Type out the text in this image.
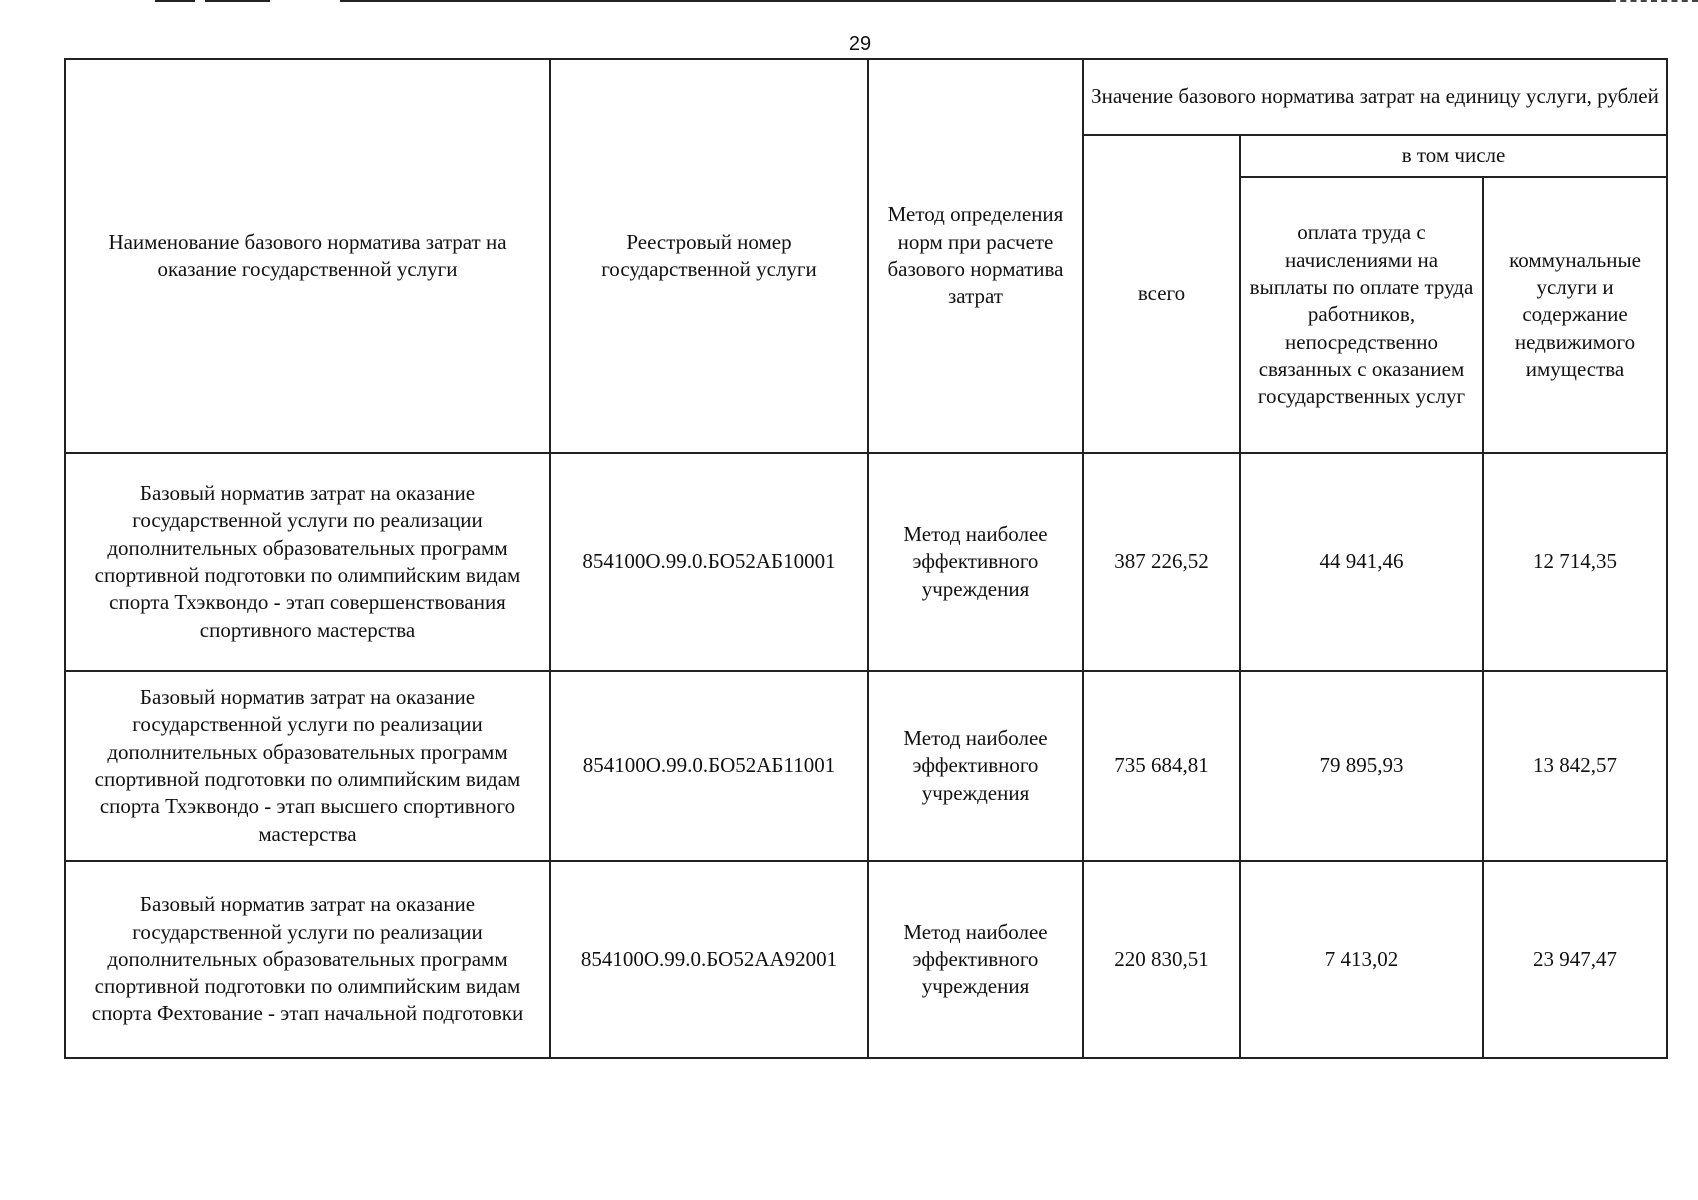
29
Наименование базового норматива затрат на оказание государственной услуги	Реестровый номер государственной услуги	Метод определения норм при расчете базового норматива затрат	Значение базового норматива затрат на единицу услуги, рублей		
			всего	в том числе	
				оплата труда с начислениями на выплаты по оплате труда работников, непосредственно связанных с оказанием государственных услуг	коммунальные услуги и содержание недвижимого имущества
Базовый норматив затрат на оказание государственной услуги по реализации дополнительных образовательных программ спортивной подготовки по олимпийским видам спорта Тхэквондо - этап совершенствования спортивного мастерства	854100О.99.0.БО52АБ10001	Метод наиболее эффективного учреждения	387 226,52	44 941,46	12 714,35
Базовый норматив затрат на оказание государственной услуги по реализации дополнительных образовательных программ спортивной подготовки по олимпийским видам спорта Тхэквондо - этап высшего спортивного мастерства	854100О.99.0.БО52АБ11001	Метод наиболее эффективного учреждения	735 684,81	79 895,93	13 842,57
Базовый норматив затрат на оказание государственной услуги по реализации дополнительных образовательных программ спортивной подготовки по олимпийским видам спорта Фехтование - этап начальной подготовки	854100О.99.0.БО52АА92001	Метод наиболее эффективного учреждения	220 830,51	7 413,02	23 947,47
